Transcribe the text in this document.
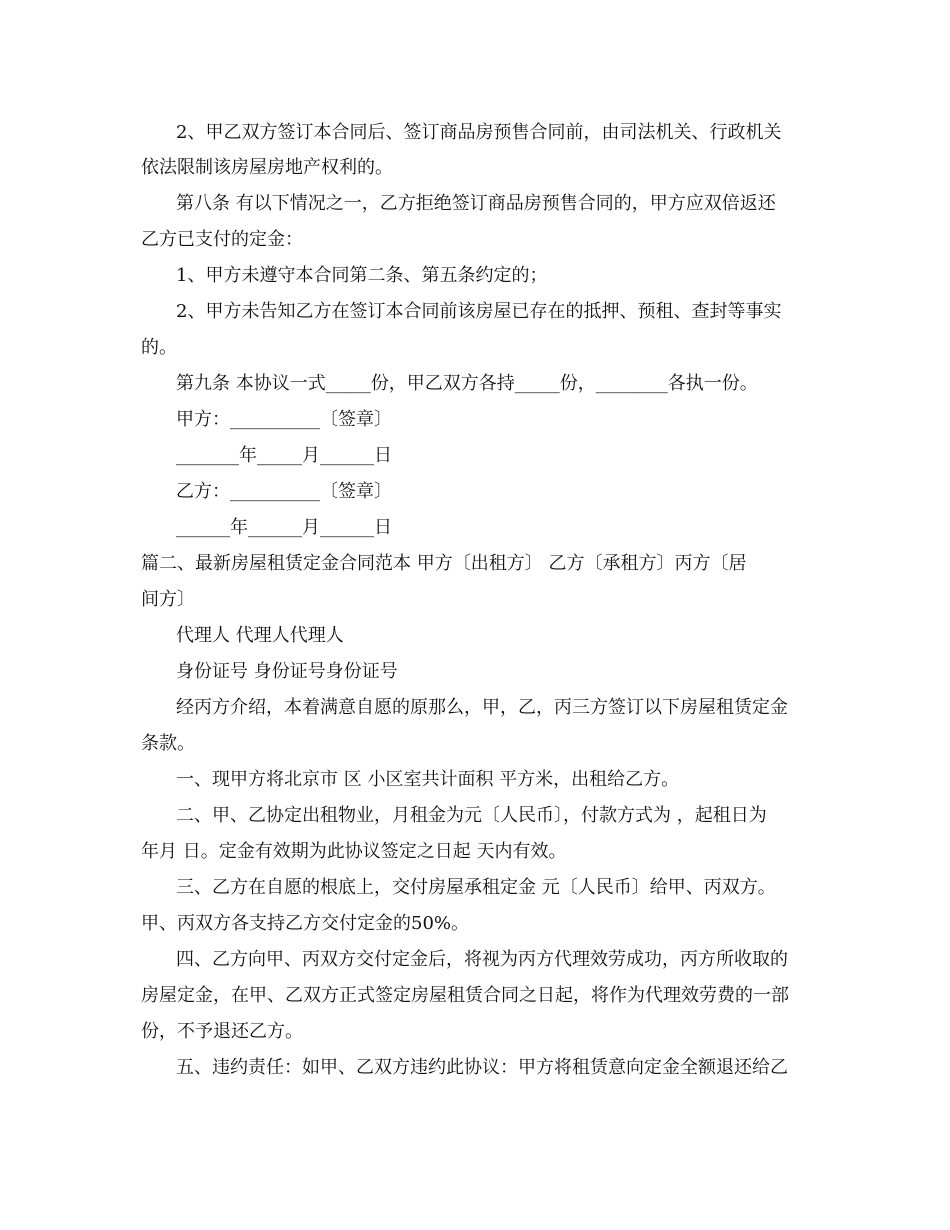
2、甲乙双方签订本合同后、签订商品房预售合同前，由司法机关、行政机关
依法限制该房屋房地产权利的。
第八条 有以下情况之一，乙方拒绝签订商品房预售合同的，甲方应双倍返还
乙方已支付的定金：
1、甲方未遵守本合同第二条、第五条约定的；
2、甲方未告知乙方在签订本合同前该房屋已存在的抵押、预租、查封等事实
的。
第九条 本协议一式_____份，甲乙双方各持_____份，________各执一份。
甲方：__________〔签章〕
_______年_____月______日
乙方：__________〔签章〕
______年______月______日
篇二、最新房屋租赁定金合同范本 甲方〔出租方〕 乙方〔承租方〕丙方〔居
间方〕
代理人 代理人代理人
身份证号 身份证号身份证号
经丙方介绍，本着满意自愿的原那么，甲，乙，丙三方签订以下房屋租赁定金
条款。
一、现甲方将北京市 区 小区室共计面积 平方米，出租给乙方。
二、甲、乙协定出租物业，月租金为元〔人民币〕，付款方式为 ，起租日为
年月 日。定金有效期为此协议签定之日起 天内有效。
三、乙方在自愿的根底上，交付房屋承租定金 元〔人民币〕给甲、丙双方。
甲、丙双方各支持乙方交付定金的50%。
四、乙方向甲、丙双方交付定金后，将视为丙方代理效劳成功，丙方所收取的
房屋定金，在甲、乙双方正式签定房屋租赁合同之日起，将作为代理效劳费的一部
份，不予退还乙方。
五、违约责任：如甲、乙双方违约此协议：甲方将租赁意向定金全额退还给乙
